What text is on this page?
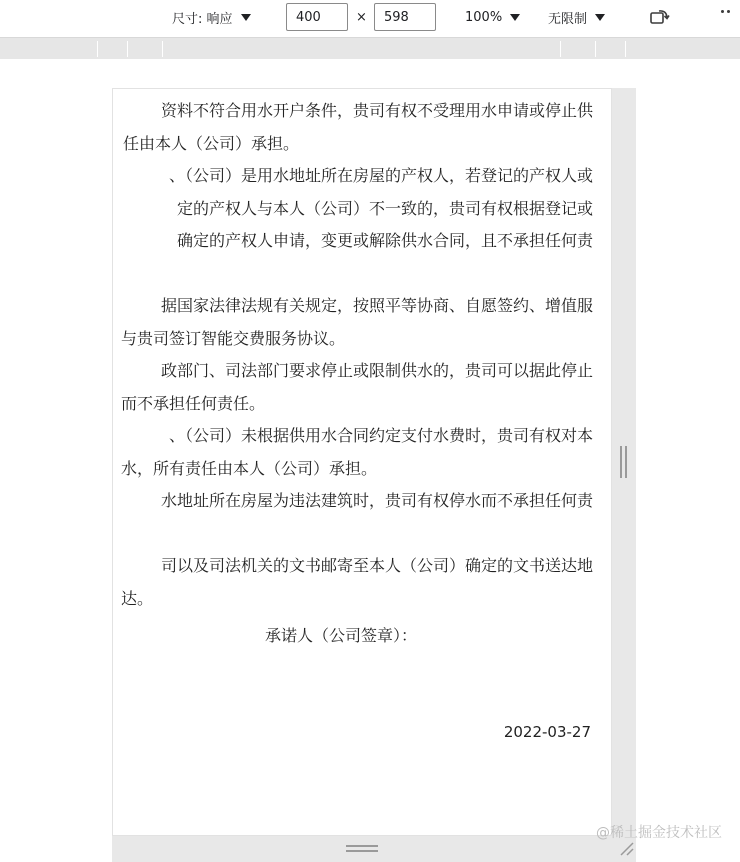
尺寸: 响应	400	×	598	100%	无限制
资料不符合用水开户条件，贵司有权不受理用水申请或停止供
任由本人（公司）承担。
、（公司）是用水地址所在房屋的产权人，若登记的产权人或
定的产权人与本人（公司）不一致的，贵司有权根据登记或
确定的产权人申请，变更或解除供水合同，且不承担任何责
据国家法律法规有关规定，按照平等协商、自愿签约、增值服
与贵司签订智能交费服务协议。
政部门、司法部门要求停止或限制供水的，贵司可以据此停止
而不承担任何责任。
、（公司）未根据供用水合同约定支付水费时，贵司有权对本
水，所有责任由本人（公司）承担。
水地址所在房屋为违法建筑时，贵司有权停水而不承担任何责
司以及司法机关的文书邮寄至本人（公司）确定的文书送达地
达。
承诺人（公司签章）：
2022-03-27
@稀土掘金技术社区
